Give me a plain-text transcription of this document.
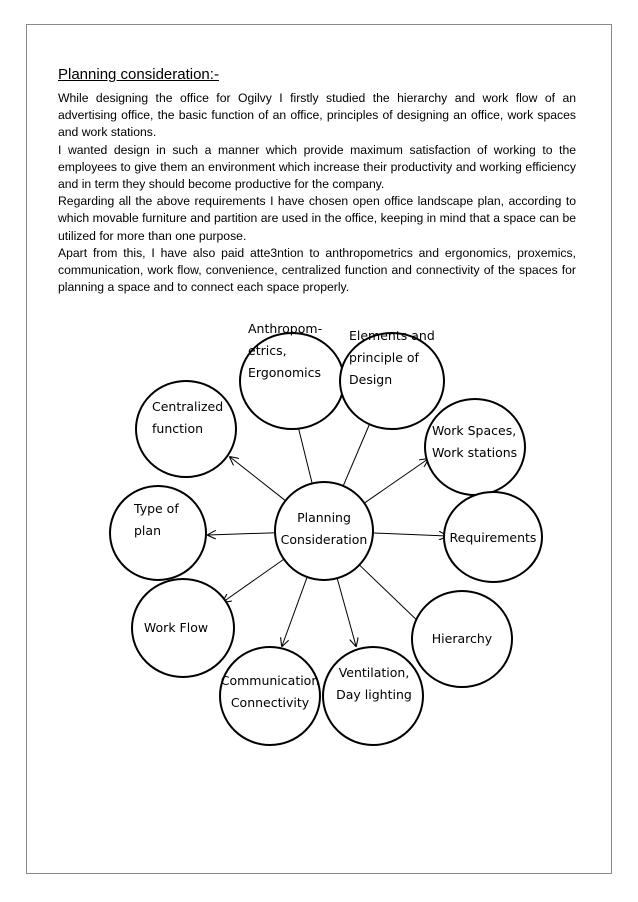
Planning consideration:-

While designing the office for Ogilvy I firstly studied the hierarchy and work flow of an advertising office, the basic function of an office, principles of designing an office, work spaces and work stations.

I wanted design in such a manner which provide maximum satisfaction of working to the employees to give them an environment which increase their productivity and working efficiency and in term they should become productive for the company.

Regarding all the above requirements I have chosen open office landscape plan, according to which movable furniture and partition are used in the office, keeping in mind that a space can be utilized for more than one purpose.

Apart from this, I have also paid atte3ntion to anthropometrics and ergonomics, proxemics, communication, work flow, convenience, centralized function and connectivity of the spaces for planning a space and to connect each space properly.

Anthropom-etrics, Ergonomics
Elements and principle of Design
Work Spaces, Work stations
Requirements
Hierarchy
Ventilation, Day lighting
Communication Connectivity
Work Flow
Type of plan
Centralized function
Planning Consideration
